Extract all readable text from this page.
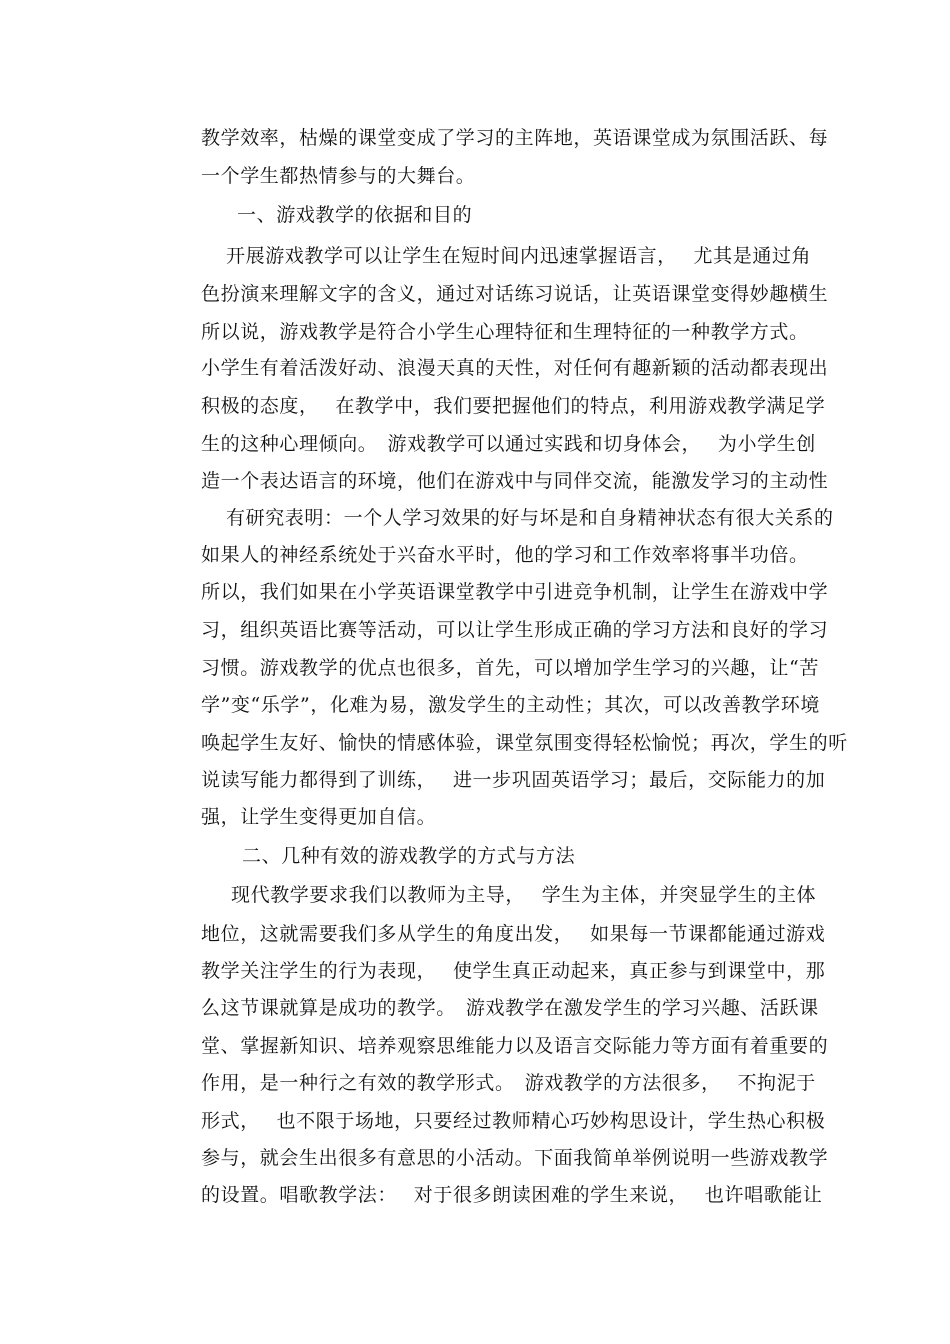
教学效率，枯燥的课堂变成了学习的主阵地，英语课堂成为氛围活跃、每
一个学生都热情参与的大舞台。
一、游戏教学的依据和目的
开展游戏教学可以让学生在短时间内迅速掌握语言，　 尤其是通过角
色扮演来理解文字的含义，通过对话练习说话，让英语课堂变得妙趣横生
所以说，游戏教学是符合小学生心理特征和生理特征的一种教学方式。
小学生有着活泼好动、浪漫天真的天性，对任何有趣新颖的活动都表现出
积极的态度，　 在教学中，我们要把握他们的特点，利用游戏教学满足学
生的这种心理倾向。　游戏教学可以通过实践和切身体会，　 为小学生创
造一个表达语言的环境，他们在游戏中与同伴交流，能激发学习的主动性
有研究表明：一个人学习效果的好与坏是和自身精神状态有很大关系的
如果人的神经系统处于兴奋水平时，他的学习和工作效率将事半功倍。
所以，我们如果在小学英语课堂教学中引进竞争机制，让学生在游戏中学
习，组织英语比赛等活动，可以让学生形成正确的学习方法和良好的学习
习惯。游戏教学的优点也很多，首先，可以增加学生学习的兴趣，让“苦
学”变“乐学”，化难为易，激发学生的主动性；其次，可以改善教学环境
唤起学生友好、愉快的情感体验，课堂氛围变得轻松愉悦；再次，学生的听
说读写能力都得到了训练，　 进一步巩固英语学习；最后，交际能力的加
强，让学生变得更加自信。
二、几种有效的游戏教学的方式与方法
现代教学要求我们以教师为主导，　 学生为主体，并突显学生的主体
地位，这就需要我们多从学生的角度出发，　 如果每一节课都能通过游戏
教学关注学生的行为表现，　 使学生真正动起来，真正参与到课堂中，那
么这节课就算是成功的教学。　游戏教学在激发学生的学习兴趣、活跃课
堂、掌握新知识、培养观察思维能力以及语言交际能力等方面有着重要的
作用，是一种行之有效的教学形式。　游戏教学的方法很多，　 不拘泥于
形式，　 也不限于场地，只要经过教师精心巧妙构思设计，学生热心积极
参与，就会生出很多有意思的小活动。下面我简单举例说明一些游戏教学
的设置。唱歌教学法：　 对于很多朗读困难的学生来说，　 也许唱歌能让
